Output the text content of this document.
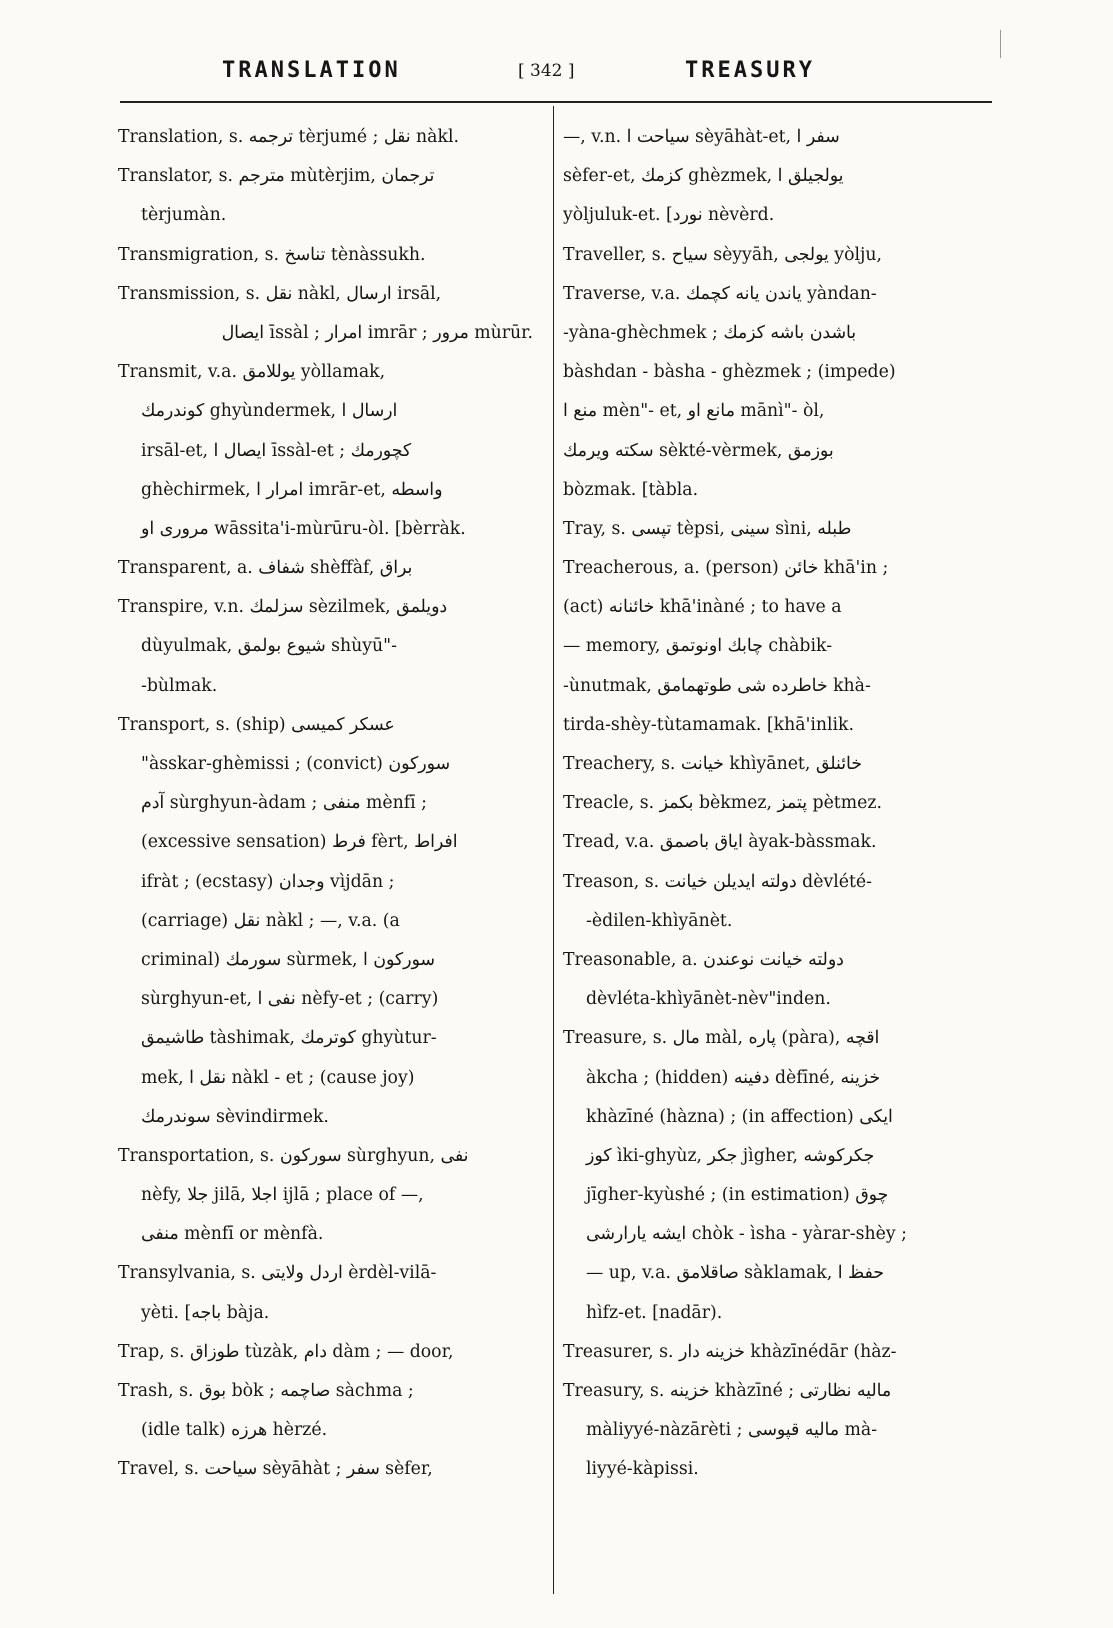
TRANSLATION	[ 342 ]	TREASURY
Translation, s. ترجمه tèrjumé ; نقل nàkl.
Translator, s. مترجم mùtèrjim, ترجمان
tèrjumàn.
Transmigration, s. تناسخ tènàssukh.
Transmission, s. نقل nàkl, ارسال irsāl,
ایصال īssàl ; امرار imrār ; مرور mùrūr.
Transmit, v.a. یوللامق yòllamak,
کوندرمك ghyùndermek, ارسال ا
irsāl-et, ایصال ا īssàl-et ; كچورمك
ghèchirmek, امرار ا imrār-et, واسطه
مروری او wāssita'i-mùrūru-òl. [bèrràk.
Transparent, a. شفاف shèffàf, براق
Transpire, v.n. سزلمك sèzilmek, دویلمق
dùyulmak, شیوع بولمق shùyū"-
-bùlmak.
Transport, s. (ship) عسکر کمیسی
"àsskar-ghèmissi ; (convict) سورکون
آدم sùrghyun-àdam ; منفی mènfī ;
(excessive sensation) فرط fèrt, افراط
ifràt ; (ecstasy) وجدان vìjdān ;
(carriage) نقل nàkl ; —, v.a. (a
criminal) سورمك sùrmek, سورکون ا
sùrghyun-et, نفی ا nèfy-et ; (carry)
طاشیمق tàshimak, کوترمك ghyùtur-
mek, نقل ا nàkl - et ; (cause joy)
سوندرمك sèvindirmek.
Transportation, s. سورکون sùrghyun, نفی
nèfy, جلا jilā, اجلا ijlā ; place of —,
منفی mènfī or mènfà.
Transylvania, s. اردل ولایتی èrdèl-vilā-
yèti. [باجه bàja.
Trap, s. طوزاق tùzàk, دام dàm ; — door,
Trash, s. بوق bòk ; صاچمه sàchma ;
(idle talk) هرزه hèrzé.
Travel, s. سیاحت sèyāhàt ; سفر sèfer,
—, v.n. سیاحت ا sèyāhàt-et, سفر ا
sèfer-et, كزمك ghèzmek, یولجیلق ا
yòljuluk-et. [نورد nèvèrd.
Traveller, s. سیاح sèyyāh, یولجی yòlju,
Traverse, v.a. یاندن یانه كچمك yàndan-
-yàna-ghèchmek ; باشدن باشه كزمك
bàshdan - bàsha - ghèzmek ; (impede)
منع ا mèn"- et, مانع او mānì"- òl,
سکته ویرمك sèkté-vèrmek, بوزمق
bòzmak. [tàbla.
Tray, s. تپسی tèpsi, سینی sìni, طبله
Treacherous, a. (person) خائن khā'in ;
(act) خائنانه khā'inàné ; to have a
— memory, چابك اونوتمق chàbik-
-ùnutmak, خاطرده شی طوتهمامق khà-
tirda-shèy-tùtamamak. [khā'inlik.
Treachery, s. خیانت khìyānet, خائنلق
Treacle, s. بكمز bèkmez, پتمز pètmez.
Tread, v.a. ایاق باصمق àyak-bàssmak.
Treason, s. دولته ایدیلن خیانت dèvlété-
-èdilen-khìyānèt.
Treasonable, a. دولته خیانت نوعندن
dèvléta-khìyānèt-nèv"inden.
Treasure, s. مال màl, پاره (pàra), اقچه
àkcha ; (hidden) دفینه dèfīné, خزینه
khàzīné (hàzna) ; (in affection) ایکی
کوز ìki-ghyùz, جکر jìgher, جکرکوشه
jīgher-kyùshé ; (in estimation) چوق
ایشه یارارشی chòk - ìsha - yàrar-shèy ;
— up, v.a. صاقلامق sàklamak, حفظ ا
hìfz-et. [nadār).
Treasurer, s. خزینه دار khàzīnédār (hàz-
Treasury, s. خزینه khàzīné ; مالیه نظارتی
màliyyé-nàzārèti ; مالیه قپوسی mà-
liyyé-kàpissi.
